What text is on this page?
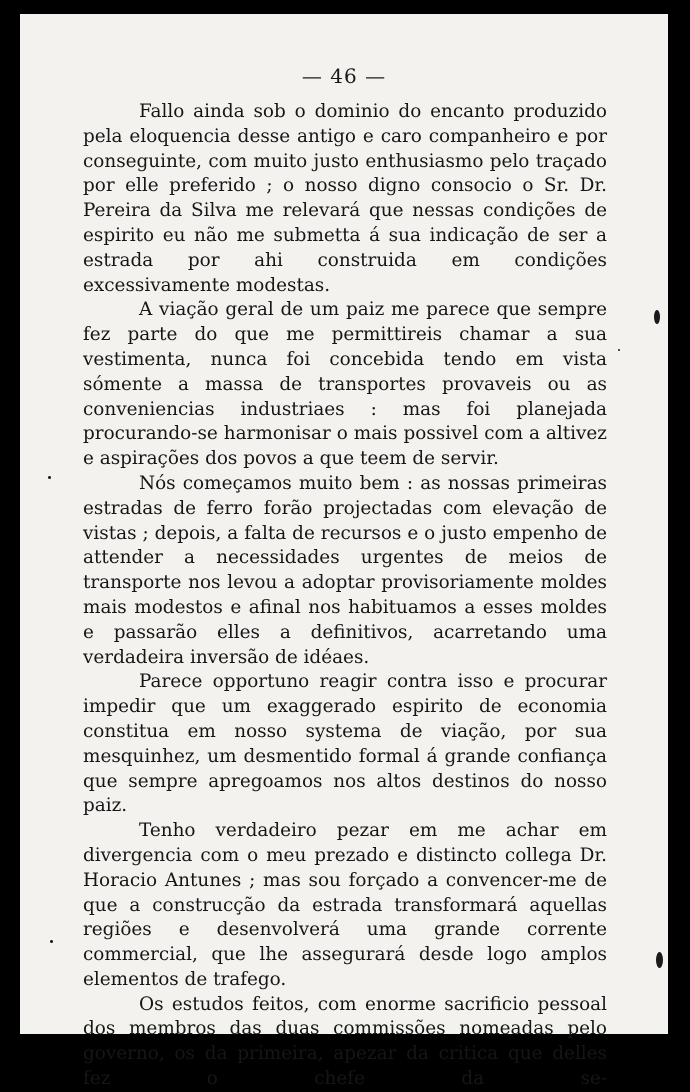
— 46 —

Fallo ainda sob o dominio do encanto produzido pela eloquencia desse antigo e caro companheiro e por conseguinte, com muito justo enthusiasmo pelo traçado por elle preferido ; o nosso digno consocio o Sr. Dr. Pereira da Silva me relevará que nessas condições de espirito eu não me submetta á sua indicação de ser a estrada por ahi construida em condições excessivamente modestas.

A viação geral de um paiz me parece que sempre fez parte do que me permittireis chamar a sua vestimenta, nunca foi concebida tendo em vista sómente a massa de transportes provaveis ou as conveniencias industriaes : mas foi planejada procurando-se harmonisar o mais possivel com a altivez e aspirações dos povos a que teem de servir.

Nós começamos muito bem : as nossas primeiras estradas de ferro forão projectadas com elevação de vistas ; depois, a falta de recursos e o justo empenho de attender a necessidades urgentes de meios de transporte nos levou a adoptar provisoriamente moldes mais modestos e afinal nos habituamos a esses moldes e passarão elles a definitivos, acarretando uma verdadeira inversão de idéaes.

Parece opportuno reagir contra isso e procurar impedir que um exaggerado espirito de economia constitua em nosso systema de viação, por sua mesquinhez, um desmentido formal á grande confiança que sempre apregoamos nos altos destinos do nosso paiz.

Tenho verdadeiro pezar em me achar em divergencia com o meu prezado e distincto collega Dr. Horacio Antunes ; mas sou forçado a convencer-me de que a construcção da estrada transformará aquellas regiões e desenvolverá uma grande corrente commercial, que lhe assegurará desde logo amplos elementos de trafego.

Os estudos feitos, com enorme sacrificio pessoal dos membros das duas commissões nomeadas pelo governo, os da primeira, apezar da critica que delles fez o chefe da se-
